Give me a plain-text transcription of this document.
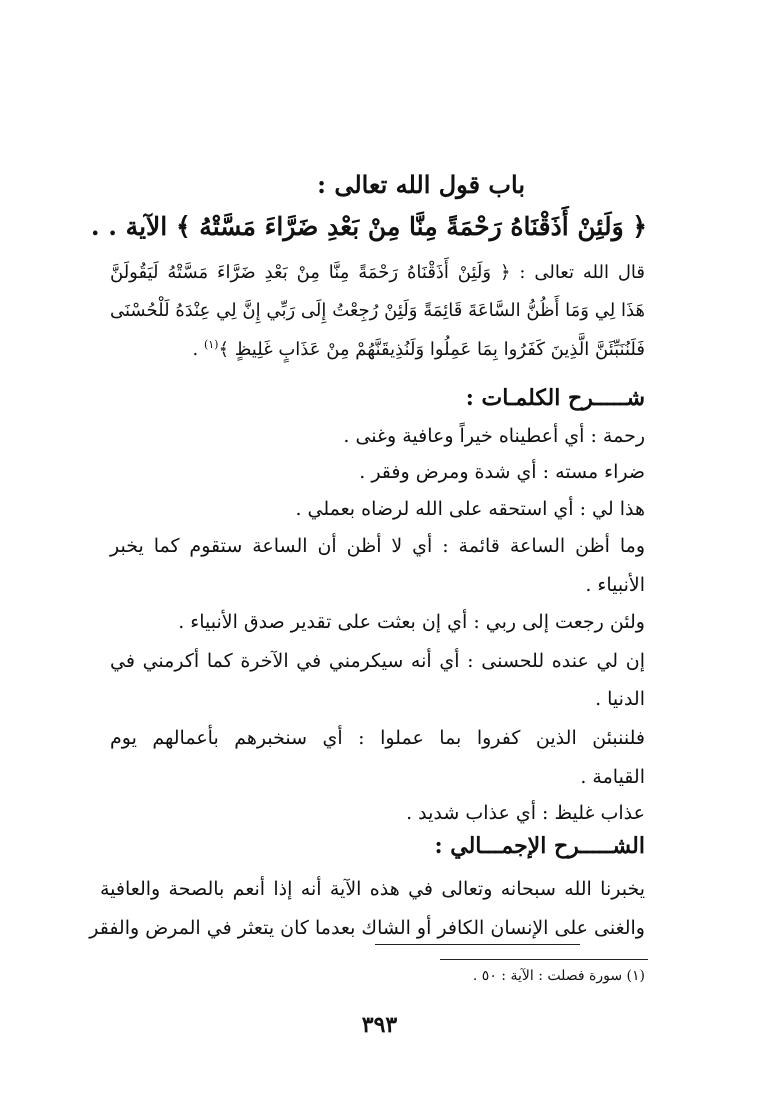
باب قول الله تعالى :
﴿ وَلَئِنْ أَذَقْنَاهُ رَحْمَةً مِنَّا مِنْ بَعْدِ ضَرَّاءَ مَسَّتْهُ ﴾ الآية . .
قال الله تعالى : ﴿ وَلَئِنْ أَذَقْنَاهُ رَحْمَةً مِنَّا مِنْ بَعْدِ ضَرَّاءَ مَسَّتْهُ لَيَقُولَنَّ
هَذَا لِي وَمَا أَظُنُّ السَّاعَةَ قَائِمَةً وَلَئِنْ رُجِعْتُ إِلَى رَبِّي إِنَّ لِي عِنْدَهُ لَلْحُسْنَى
فَلَنُنَبِّئَنَّ الَّذِينَ كَفَرُوا بِمَا عَمِلُوا وَلَنُذِيقَنَّهُمْ مِنْ عَذَابٍ غَلِيظٍ ﴾$^{(١)}$ .
شـــــرح الكلمـات :
رحمة : أي أعطيناه خيراً وعافية وغنى .
ضراء مسته : أي شدة ومرض وفقر .
هذا لي : أي استحقه على الله لرضاه بعملي .
وما أظن الساعة قائمة : أي لا أظن أن الساعة ستقوم كما يخبر
الأنبياء .
ولئن رجعت إلى ربي : أي إن بعثت على تقدير صدق الأنبياء .
إن لي عنده للحسنى : أي أنه سيكرمني في الآخرة كما أكرمني في
الدنيا .
فلننبئن الذين كفروا بما عملوا : أي سنخبرهم بأعمالهم يوم
القيامة .
عذاب غليظ : أي عذاب شديد .
الشـــــرح الإجمـــالي :
يخبرنا الله سبحانه وتعالى في هذه الآية أنه إذا أنعم بالصحة والعافية
والغنى على الإنسان الكافر أو الشاك بعدما كان يتعثر في المرض والفقر
(١) سورة فصلت : الآية : ٥٠ .
٣٩٣
